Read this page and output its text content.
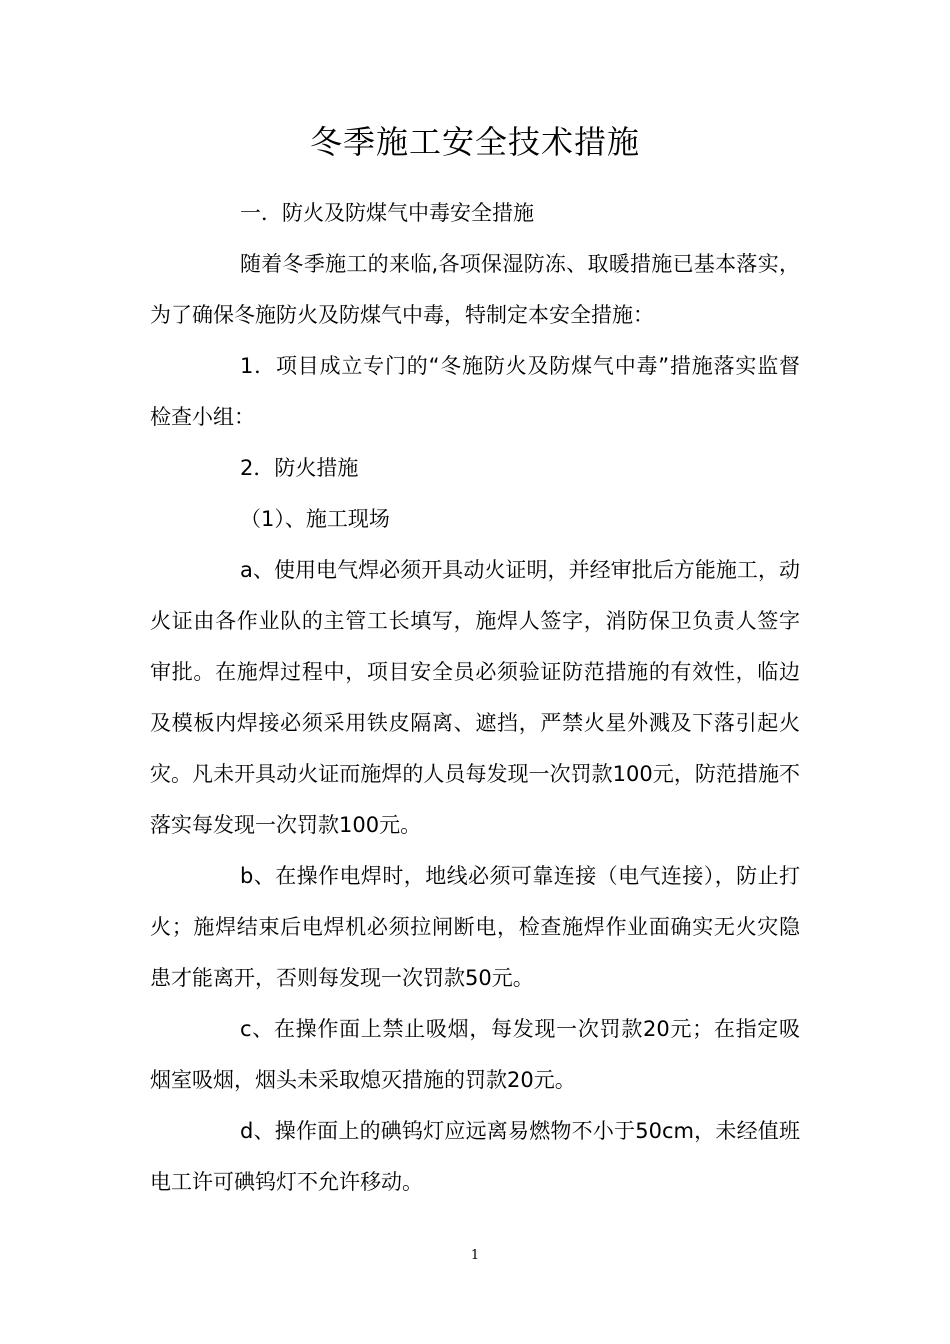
冬季施工安全技术措施

一．防火及防煤气中毒安全措施

随着冬季施工的来临,各项保湿防冻、取暖措施已基本落实，为了确保冬施防火及防煤气中毒，特制定本安全措施：

1．项目成立专门的“冬施防火及防煤气中毒”措施落实监督检查小组：

2．防火措施

（1）、施工现场

a、使用电气焊必须开具动火证明，并经审批后方能施工，动火证由各作业队的主管工长填写，施焊人签字，消防保卫负责人签字审批。在施焊过程中，项目安全员必须验证防范措施的有效性，临边及模板内焊接必须采用铁皮隔离、遮挡，严禁火星外溅及下落引起火灾。凡未开具动火证而施焊的人员每发现一次罚款100元，防范措施不落实每发现一次罚款100元。

b、在操作电焊时，地线必须可靠连接（电气连接），防止打火；施焊结束后电焊机必须拉闸断电，检查施焊作业面确实无火灾隐患才能离开，否则每发现一次罚款50元。

c、在操作面上禁止吸烟，每发现一次罚款20元；在指定吸烟室吸烟，烟头未采取熄灭措施的罚款20元。

d、操作面上的碘钨灯应远离易燃物不小于50cm，未经值班电工许可碘钨灯不允许移动。

1
